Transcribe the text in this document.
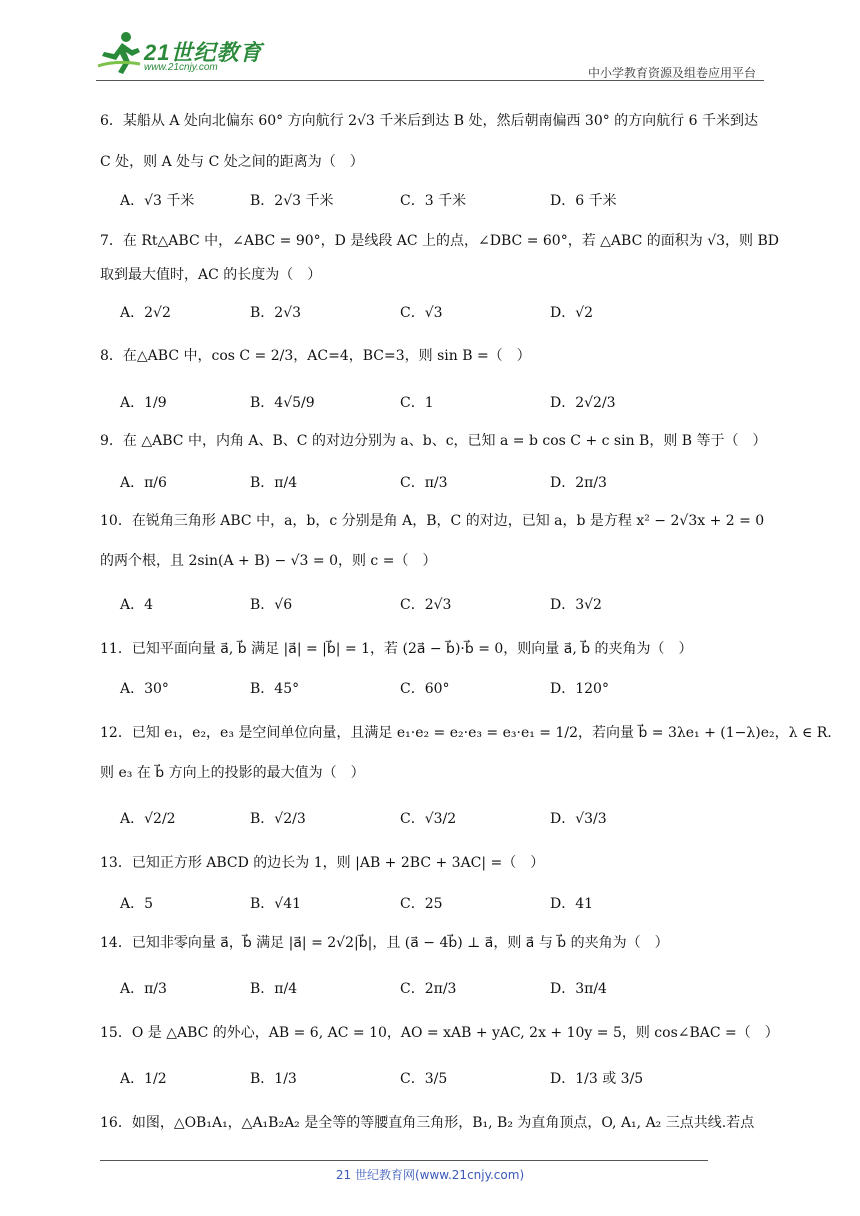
21世纪教育
www.21cnjy.com	中小学教育资源及组卷应用平台
6．某船从 A 处向北偏东 60° 方向航行 2√3 千米后到达 B 处，然后朝南偏西 30° 的方向航行 6 千米到达
C 处，则 A 处与 C 处之间的距离为（　）
A．√3 千米	B．2√3 千米	C．3 千米	D．6 千米
7．在 Rt△ABC 中，∠ABC = 90°，D 是线段 AC 上的点，∠DBC = 60°，若 △ABC 的面积为 √3，则 BD
取到最大值时，AC 的长度为（　）
A．2√2	B．2√3	C．√3	D．√2
8．在△ABC 中，cos C = 2/3，AC=4，BC=3，则 sin B =（　）
A．1/9	B．4√5/9	C．1	D．2√2/3
9．在 △ABC 中，内角 A、B、C 的对边分别为 a、b、c，已知 a = b cos C + c sin B，则 B 等于（　）
A．π/6	B．π/4	C．π/3	D．2π/3
10．在锐角三角形 ABC 中，a，b，c 分别是角 A，B，C 的对边，已知 a，b 是方程 x² − 2√3x + 2 = 0
的两个根，且 2sin(A + B) − √3 = 0，则 c =（　）
A．4	B．√6	C．2√3	D．3√2
11．已知平面向量 a⃗, b⃗ 满足 |a⃗| = |b⃗| = 1，若 (2a⃗ − b⃗)·b⃗ = 0，则向量 a⃗, b⃗ 的夹角为（　）
A．30°	B．45°	C．60°	D．120°
12．已知 e₁，e₂，e₃ 是空间单位向量，且满足 e₁·e₂ = e₂·e₃ = e₃·e₁ = 1/2，若向量 b⃗ = 3λe₁ + (1−λ)e₂，λ ∈ R.
则 e₃ 在 b⃗ 方向上的投影的最大值为（　）
A．√2/2	B．√2/3	C．√3/2	D．√3/3
13．已知正方形 ABCD 的边长为 1，则 |AB + 2BC + 3AC| =（　）
A．5	B．√41	C．25	D．41
14．已知非零向量 a⃗，b⃗ 满足 |a⃗| = 2√2|b⃗|，且 (a⃗ − 4b⃗) ⊥ a⃗，则 a⃗ 与 b⃗ 的夹角为（　）
A．π/3	B．π/4	C．2π/3	D．3π/4
15．O 是 △ABC 的外心，AB = 6, AC = 10，AO = xAB + yAC, 2x + 10y = 5，则 cos∠BAC =（　）
A．1/2	B．1/3	C．3/5	D．1/3 或 3/5
16．如图，△OB₁A₁，△A₁B₂A₂ 是全等的等腰直角三角形，B₁, B₂ 为直角顶点，O, A₁, A₂ 三点共线.若点
21 世纪教育网(www.21cnjy.com)
